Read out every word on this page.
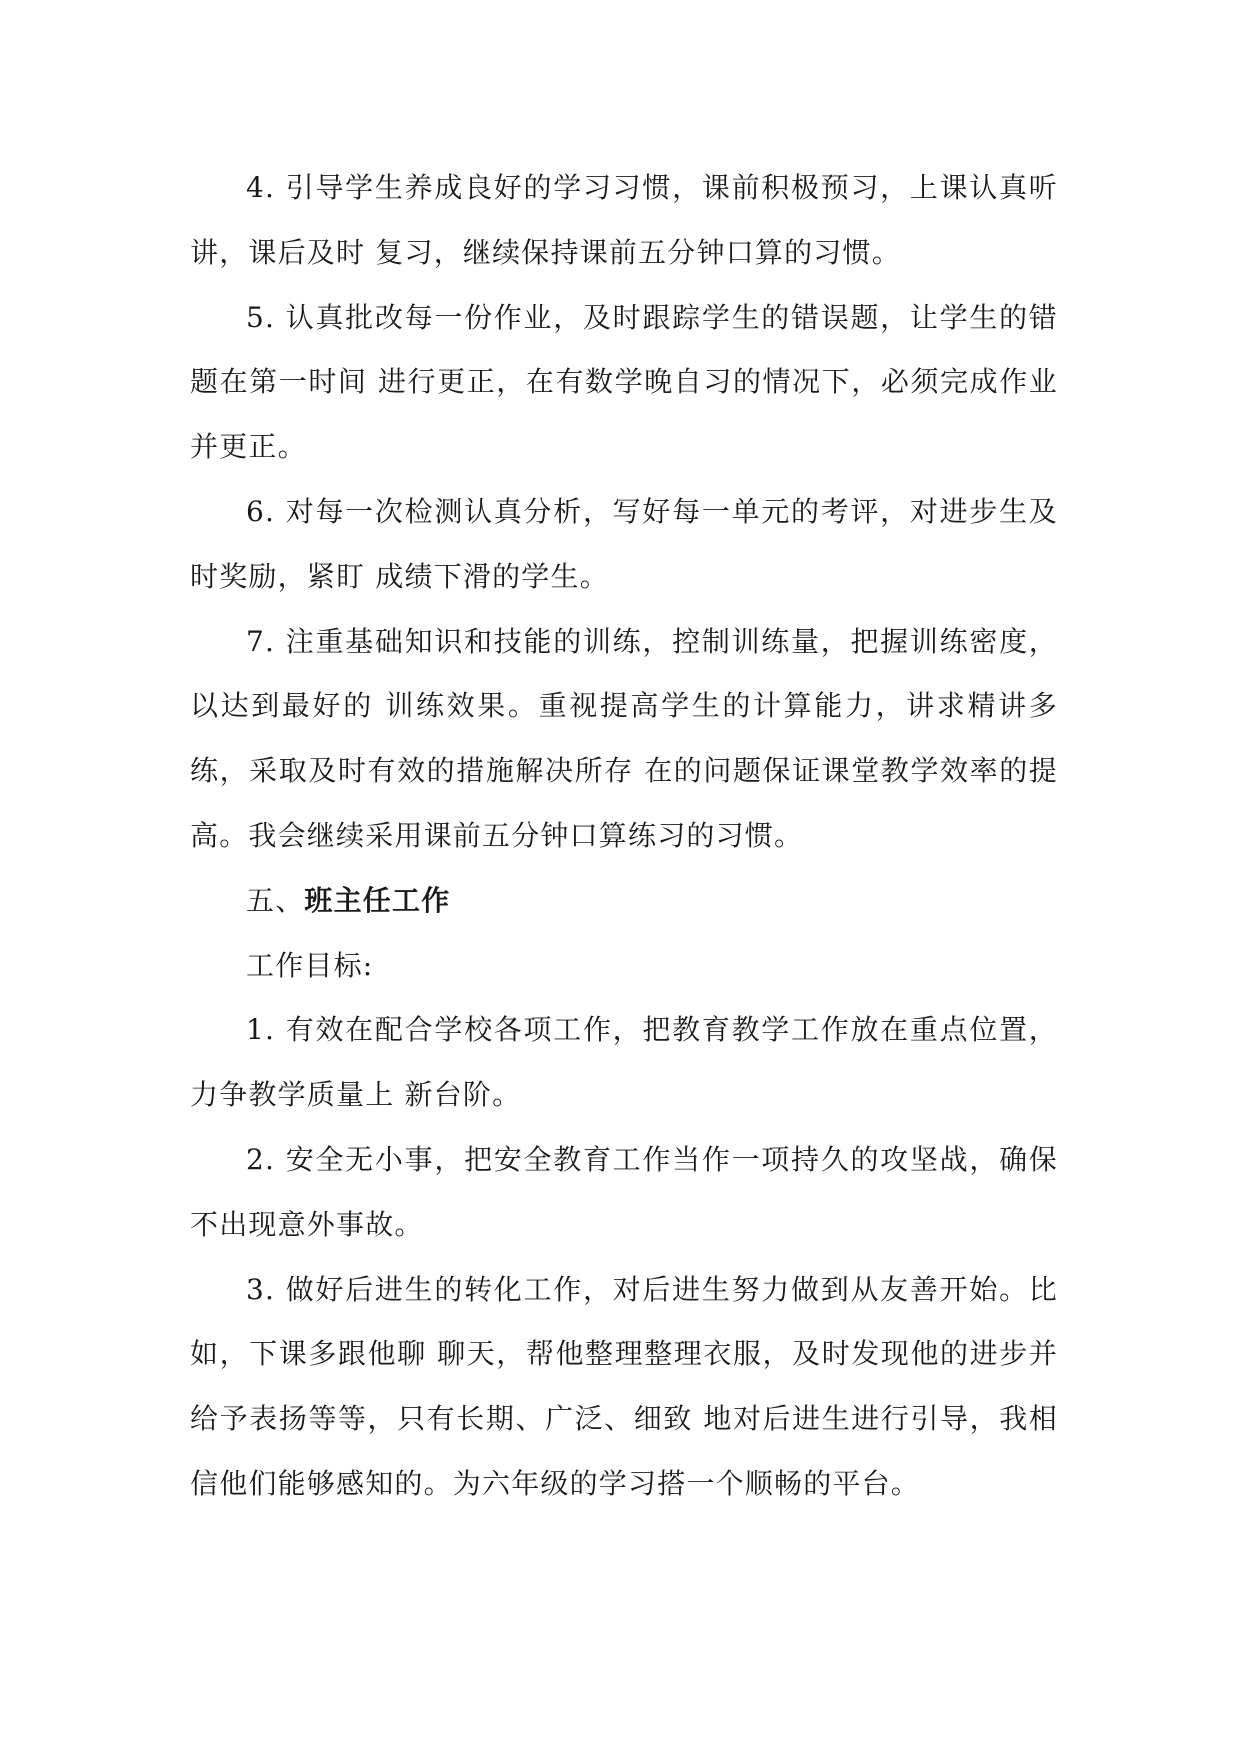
4. 引导学生养成良好的学习习惯，课前积极预习，上课认真听讲，课后及时 复习，继续保持课前五分钟口算的习惯。

5. 认真批改每一份作业，及时跟踪学生的错误题，让学生的错题在第一时间 进行更正，在有数学晚自习的情况下，必须完成作业并更正。

6. 对每一次检测认真分析，写好每一单元的考评，对进步生及时奖励，紧盯 成绩下滑的学生。

7. 注重基础知识和技能的训练，控制训练量，把握训练密度，以达到最好的 训练效果。重视提高学生的计算能力，讲求精讲多练，采取及时有效的措施解决所存 在的问题保证课堂教学效率的提高。我会继续采用课前五分钟口算练习的习惯。

五、班主任工作

工作目标:

1. 有效在配合学校各项工作，把教育教学工作放在重点位置，力争教学质量上 新台阶。

2. 安全无小事，把安全教育工作当作一项持久的攻坚战，确保不出现意外事故。

3. 做好后进生的转化工作，对后进生努力做到从友善开始。比如，下课多跟他聊 聊天，帮他整理整理衣服，及时发现他的进步并给予表扬等等，只有长期、广泛、细致 地对后进生进行引导，我相信他们能够感知的。为六年级的学习搭一个顺畅的平台。
